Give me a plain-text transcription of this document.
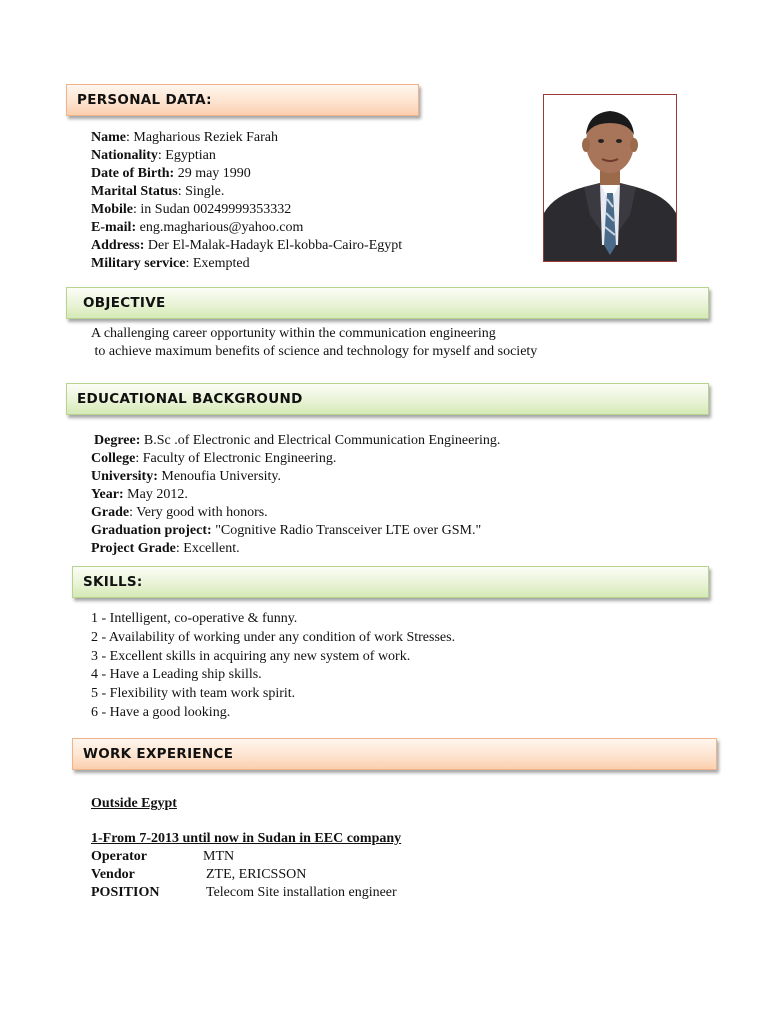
PERSONAL DATA:
Name: Magharious Reziek Farah
Nationality: Egyptian
Date of Birth: 29 may 1990
Marital Status: Single.
Mobile: in Sudan 00249999353332
E-mail: eng.magharious@yahoo.com
Address: Der El-Malak-Hadayk El-kobba-Cairo-Egypt
Military service: Exempted
OBJECTIVE
A challenging career opportunity within the communication engineering
to achieve maximum benefits of science and technology for myself and society
EDUCATIONAL BACKGROUND
Degree: B.Sc .of Electronic and Electrical Communication Engineering.
College: Faculty of Electronic Engineering.
University: Menoufia University.
Year: May 2012.
Grade: Very good with honors.
Graduation project: "Cognitive Radio Transceiver LTE over GSM."
Project Grade: Excellent.
SKILLS:
1 - Intelligent, co-operative & funny.
2 - Availability of working under any condition of work Stresses.
3 - Excellent skills in acquiring any new system of work.
4 - Have a Leading ship skills.
5 - Flexibility with team work spirit.
6 - Have a good looking.
WORK EXPERIENCE
Outside Egypt
1-From 7-2013 until now in Sudan in EEC company
Operator	MTN
Vendor	ZTE, ERICSSON
POSITION	Telecom Site installation engineer
